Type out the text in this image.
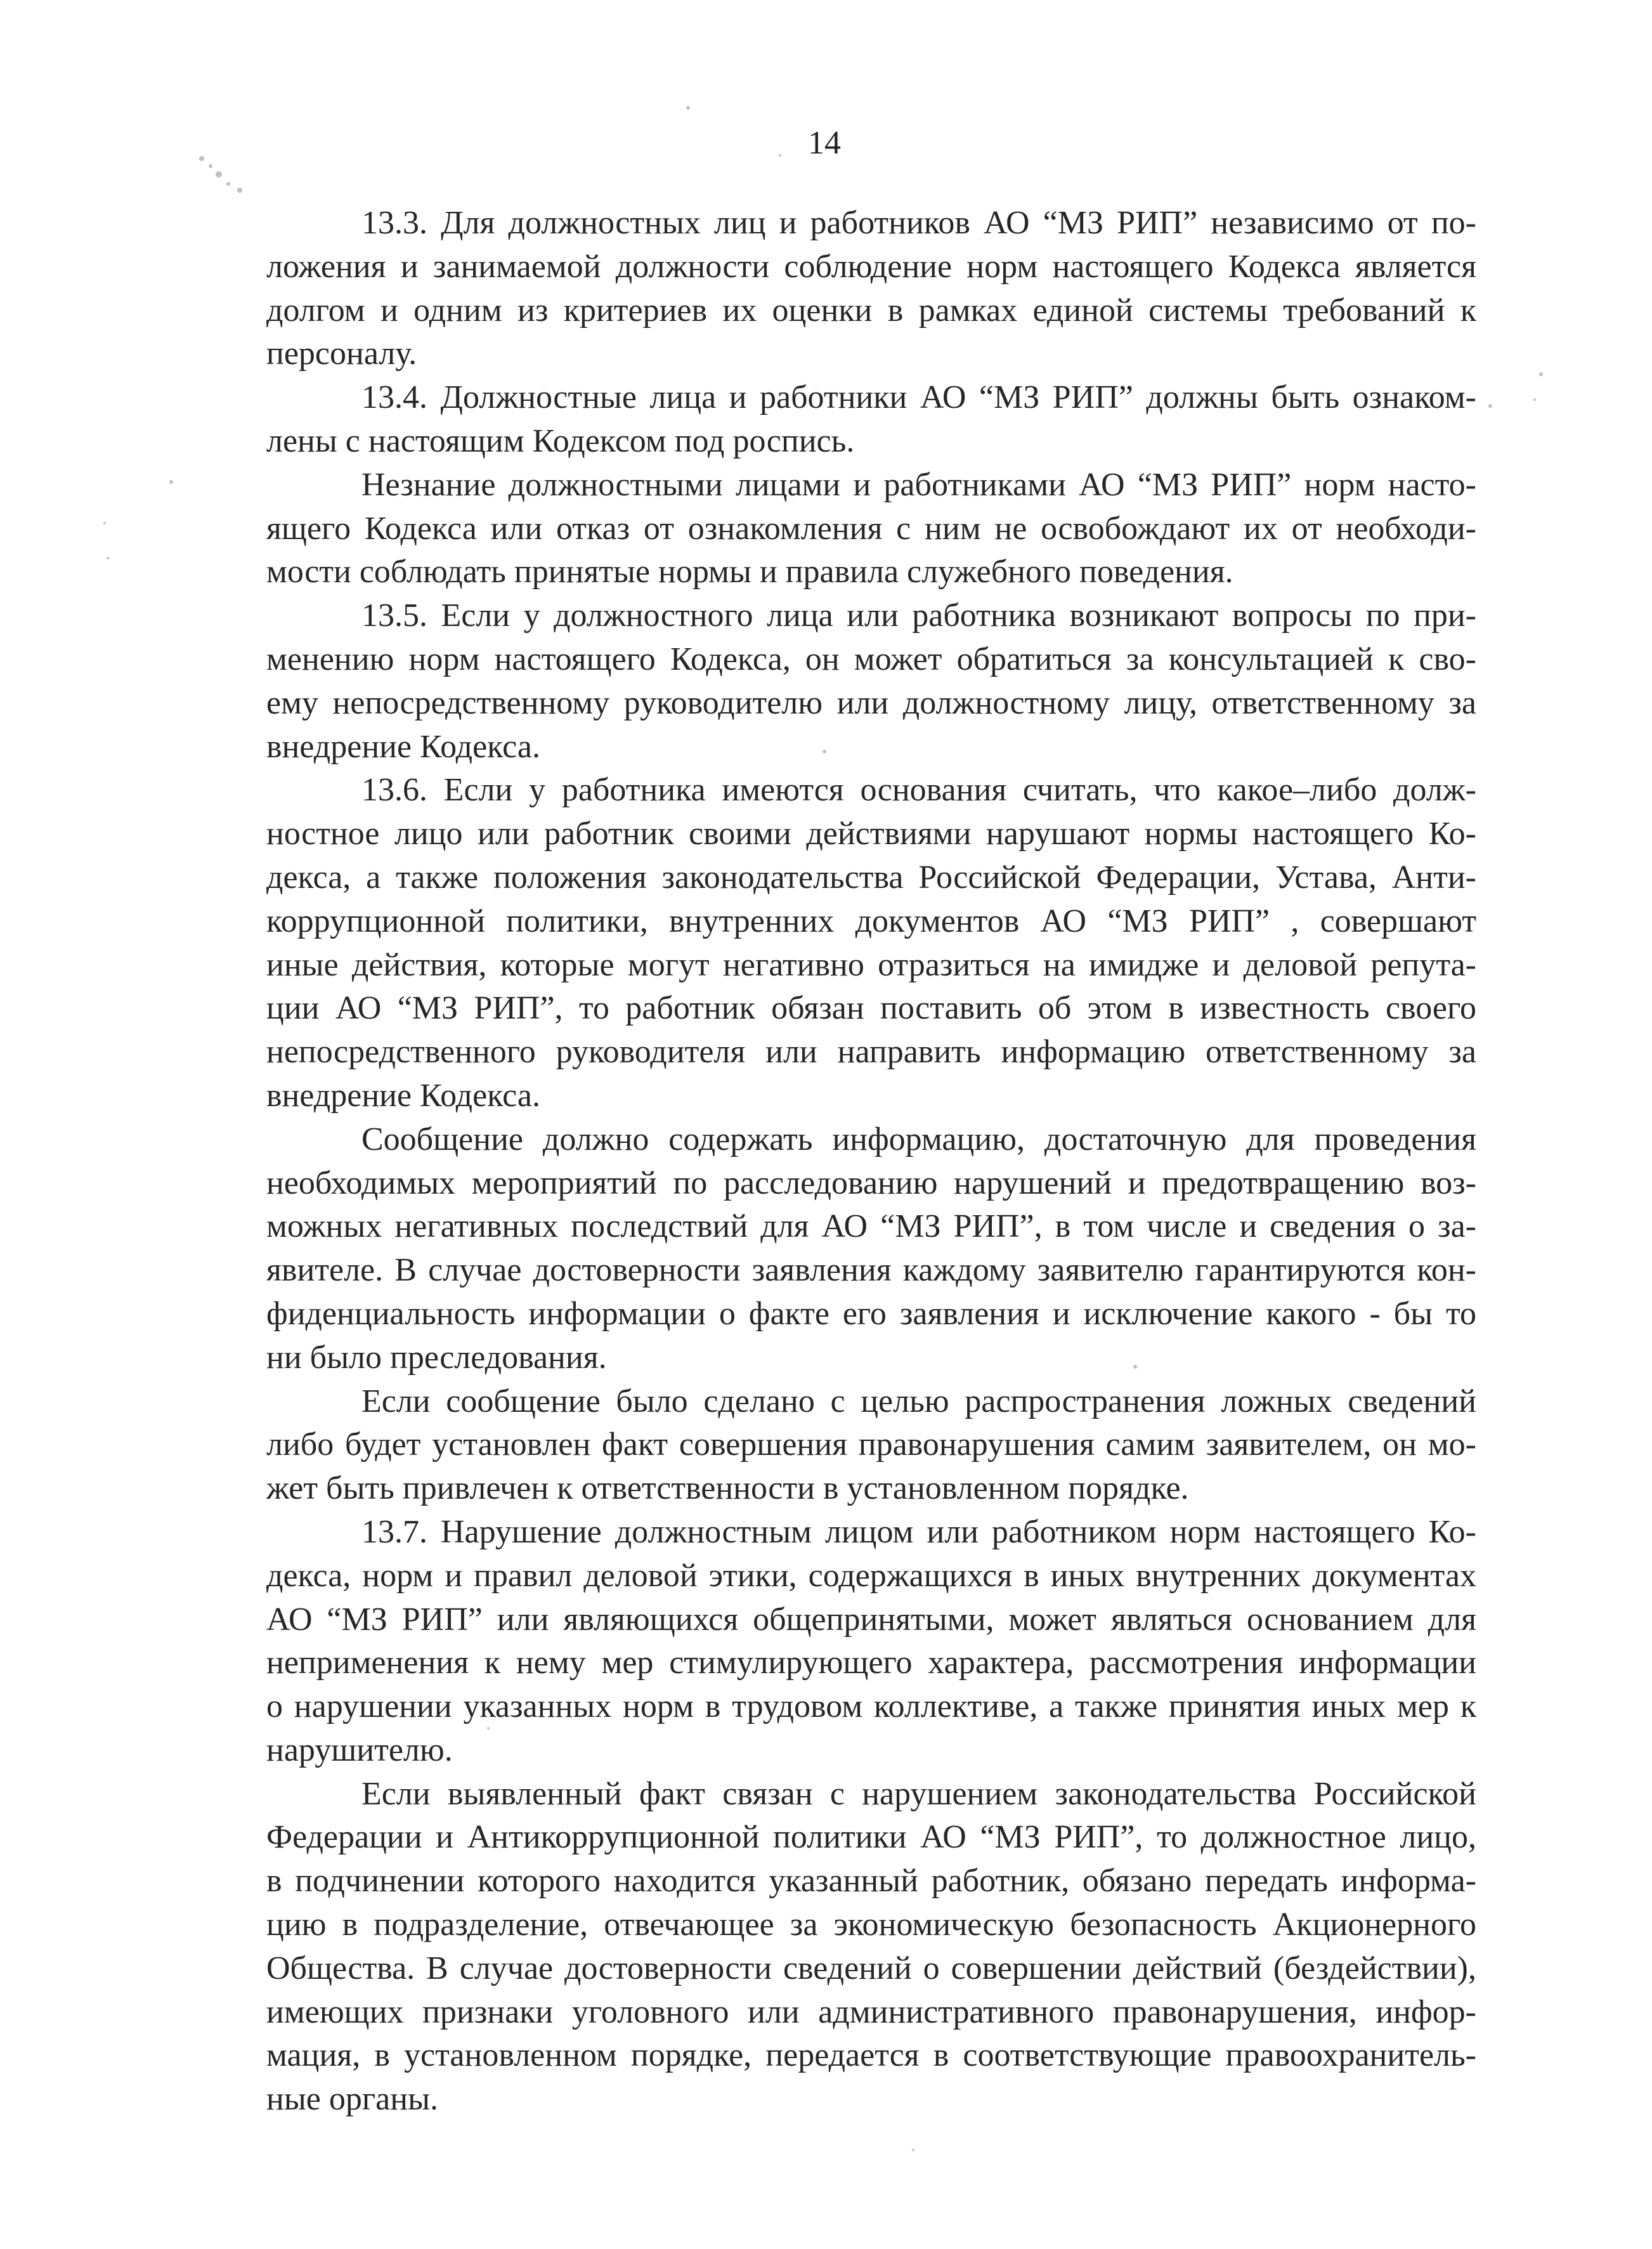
14
13.3. Для должностных лиц и работников АО “МЗ РИП” независимо от по-
ложения и занимаемой должности соблюдение норм настоящего Кодекса является
долгом и одним из критериев их оценки в рамках единой системы требований к
персоналу.
13.4. Должностные лица и работники АО “МЗ РИП” должны быть ознаком-
лены с настоящим Кодексом под роспись.
Незнание должностными лицами и работниками АО “МЗ РИП” норм насто-
ящего Кодекса или отказ от ознакомления с ним не освобождают их от необходи-
мости соблюдать принятые нормы и правила служебного поведения.
13.5. Если у должностного лица или работника возникают вопросы по при-
менению норм настоящего Кодекса, он может обратиться за консультацией к сво-
ему непосредственному руководителю или должностному лицу, ответственному за
внедрение Кодекса.
13.6. Если у работника имеются основания считать, что какое–либо долж-
ностное лицо или работник своими действиями нарушают нормы настоящего Ко-
декса, а также положения законодательства Российской Федерации, Устава, Анти-
коррупционной политики, внутренних документов АО “МЗ РИП” , совершают
иные действия, которые могут негативно отразиться на имидже и деловой репута-
ции АО “МЗ РИП”, то работник обязан поставить об этом в известность своего
непосредственного руководителя или направить информацию ответственному за
внедрение Кодекса.
Сообщение должно содержать информацию, достаточную для проведения
необходимых мероприятий по расследованию нарушений и предотвращению воз-
можных негативных последствий для АО “МЗ РИП”, в том числе и сведения о за-
явителе. В случае достоверности заявления каждому заявителю гарантируются кон-
фиденциальность информации о факте его заявления и исключение какого - бы то
ни было преследования.
Если сообщение было сделано с целью распространения ложных сведений
либо будет установлен факт совершения правонарушения самим заявителем, он мо-
жет быть привлечен к ответственности в установленном порядке.
13.7. Нарушение должностным лицом или работником норм настоящего Ко-
декса, норм и правил деловой этики, содержащихся в иных внутренних документах
АО “МЗ РИП” или являющихся общепринятыми, может являться основанием для
неприменения к нему мер стимулирующего характера, рассмотрения информации
о нарушении указанных норм в трудовом коллективе, а также принятия иных мер к
нарушителю.
Если выявленный факт связан с нарушением законодательства Российской
Федерации и Антикоррупционной политики АО “МЗ РИП”, то должностное лицо,
в подчинении которого находится указанный работник, обязано передать информа-
цию в подразделение, отвечающее за экономическую безопасность Акционерного
Общества. В случае достоверности сведений о совершении действий (бездействии),
имеющих признаки уголовного или административного правонарушения, инфор-
мация, в установленном порядке, передается в соответствующие правоохранитель-
ные органы.
